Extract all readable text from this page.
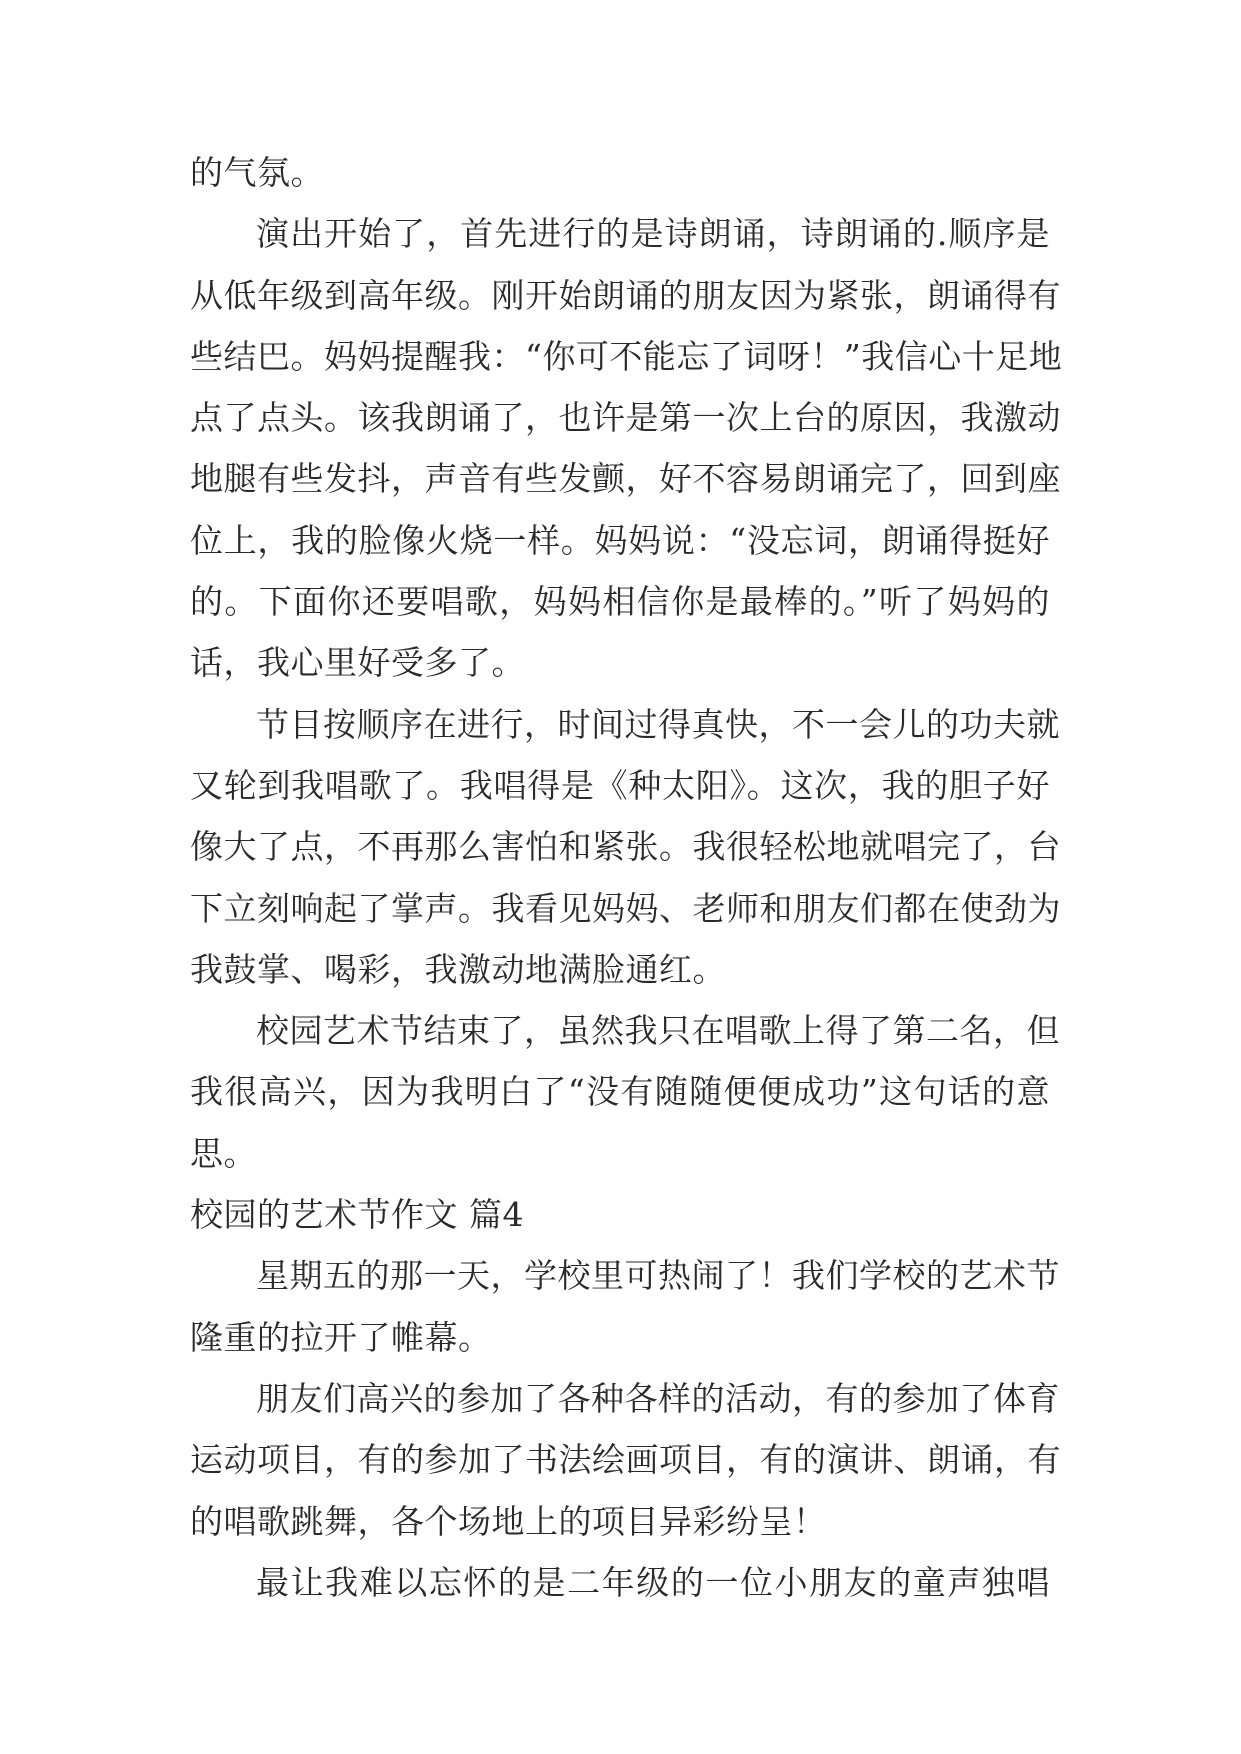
的气氛。
演出开始了，首先进行的是诗朗诵，诗朗诵的.顺序是
从低年级到高年级。刚开始朗诵的朋友因为紧张，朗诵得有
些结巴。妈妈提醒我：“你可不能忘了词呀！”我信心十足地
点了点头。该我朗诵了，也许是第一次上台的原因，我激动
地腿有些发抖，声音有些发颤，好不容易朗诵完了，回到座
位上，我的脸像火烧一样。妈妈说：“没忘词，朗诵得挺好
的。下面你还要唱歌，妈妈相信你是最棒的。”听了妈妈的
话，我心里好受多了。
节目按顺序在进行，时间过得真快，不一会儿的功夫就
又轮到我唱歌了。我唱得是《种太阳》。这次，我的胆子好
像大了点，不再那么害怕和紧张。我很轻松地就唱完了，台
下立刻响起了掌声。我看见妈妈、老师和朋友们都在使劲为
我鼓掌、喝彩，我激动地满脸通红。
校园艺术节结束了，虽然我只在唱歌上得了第二名，但
我很高兴，因为我明白了“没有随随便便成功”这句话的意
思。
校园的艺术节作文 篇4
星期五的那一天，学校里可热闹了！我们学校的艺术节
隆重的拉开了帷幕。
朋友们高兴的参加了各种各样的活动，有的参加了体育
运动项目，有的参加了书法绘画项目，有的演讲、朗诵，有
的唱歌跳舞，各个场地上的项目异彩纷呈！
最让我难以忘怀的是二年级的一位小朋友的童声独唱
